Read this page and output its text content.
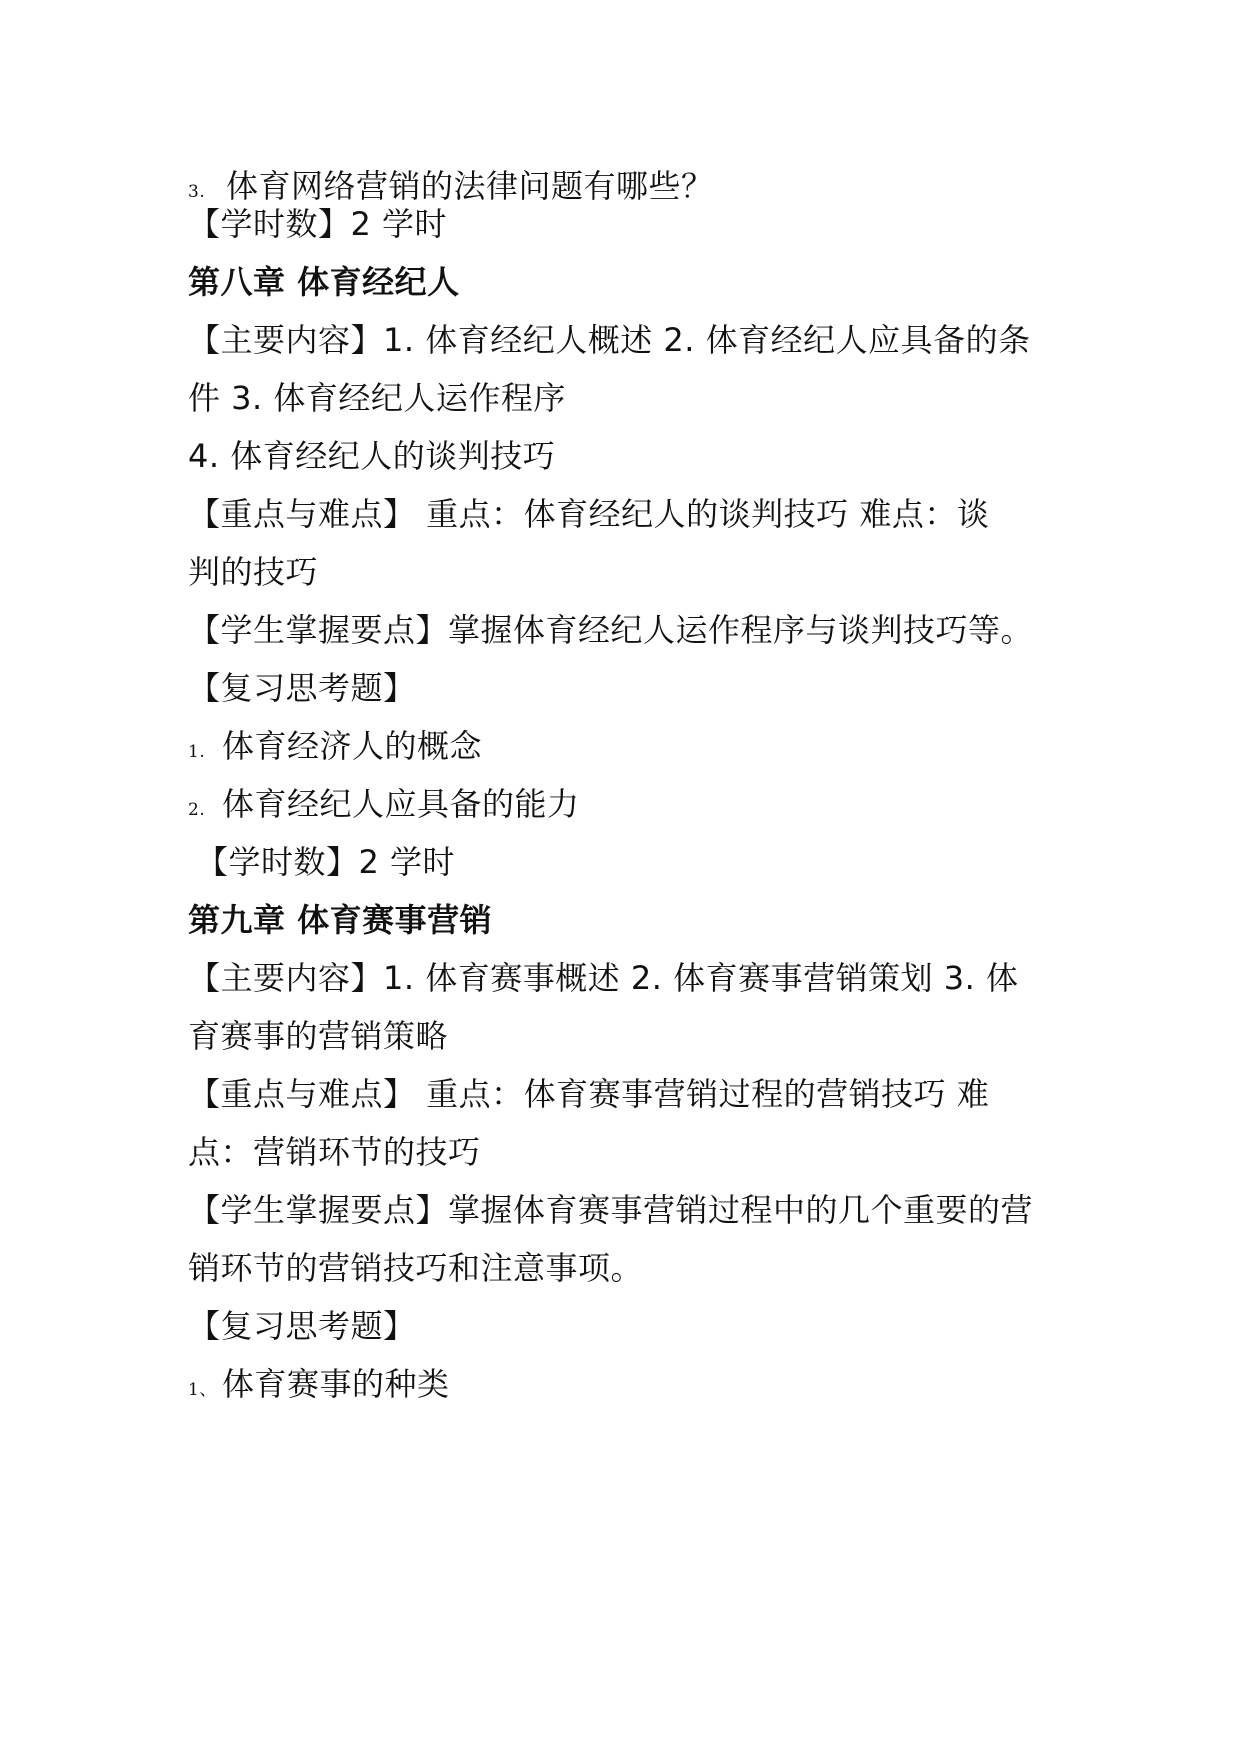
3. 体育网络营销的法律问题有哪些？
【学时数】2 学时
第八章 体育经纪人
【主要内容】1. 体育经纪人概述 2. 体育经纪人应具备的条
件 3. 体育经纪人运作程序
4. 体育经纪人的谈判技巧
【重点与难点】 重点：体育经纪人的谈判技巧 难点：谈
判的技巧
【学生掌握要点】掌握体育经纪人运作程序与谈判技巧等。
【复习思考题】
1. 体育经济人的概念
2. 体育经纪人应具备的能力
【学时数】2 学时
第九章 体育赛事营销
【主要内容】1. 体育赛事概述 2. 体育赛事营销策划 3. 体
育赛事的营销策略
【重点与难点】 重点：体育赛事营销过程的营销技巧 难
点：营销环节的技巧
【学生掌握要点】掌握体育赛事营销过程中的几个重要的营
销环节的营销技巧和注意事项。
【复习思考题】
1、 体育赛事的种类
